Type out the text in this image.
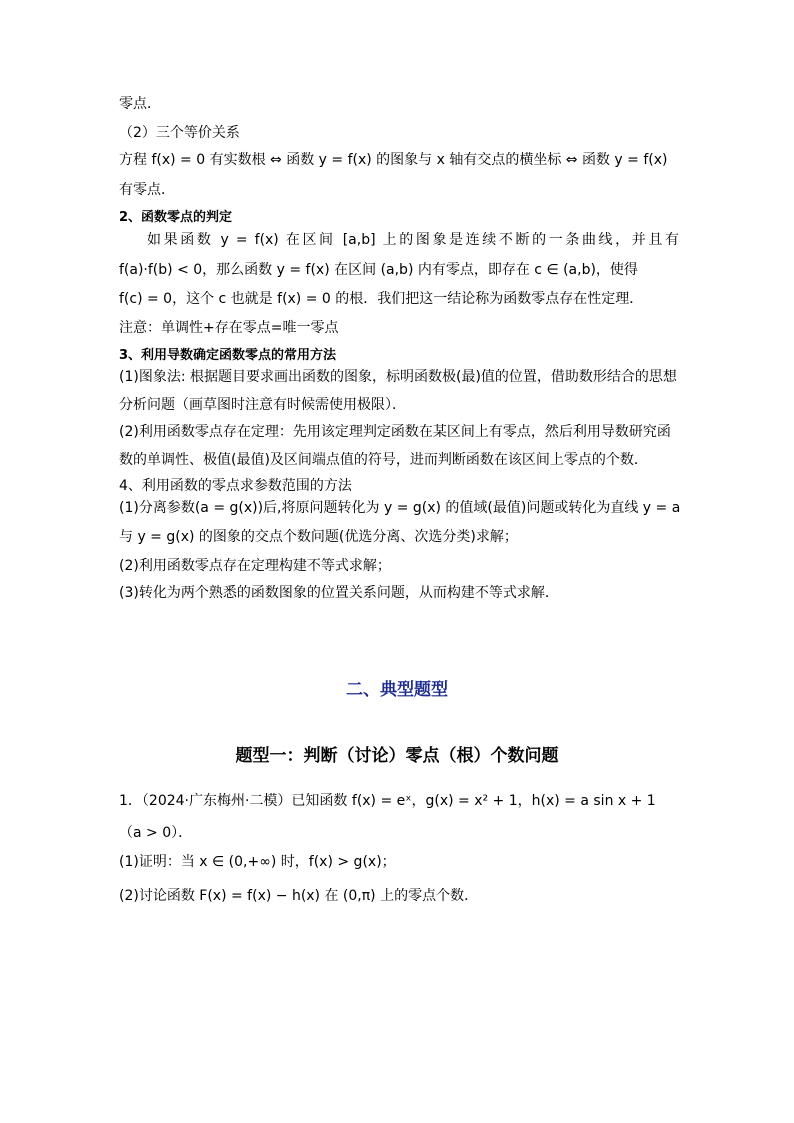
零点．
（2）三个等价关系
方程 f(x) = 0 有实数根 ⇔ 函数 y = f(x) 的图象与 x 轴有交点的横坐标 ⇔ 函数 y = f(x)
有零点．
2、函数零点的判定
如果函数 y = f(x) 在区间 [a,b] 上的图象是连续不断的一条曲线，并且有
f(a)·f(b) < 0，那么函数 y = f(x) 在区间 (a,b) 内有零点，即存在 c ∈ (a,b)，使得
f(c) = 0，这个 c 也就是 f(x) = 0 的根．我们把这一结论称为函数零点存在性定理．
注意：单调性+存在零点=唯一零点
3、利用导数确定函数零点的常用方法
(1)图象法: 根据题目要求画出函数的图象，标明函数极(最)值的位置，借助数形结合的思想
分析问题（画草图时注意有时候需使用极限）．
(2)利用函数零点存在定理：先用该定理判定函数在某区间上有零点，然后利用导数研究函
数的单调性、极值(最值)及区间端点值的符号，进而判断函数在该区间上零点的个数．
4、利用函数的零点求参数范围的方法
(1)分离参数(a = g(x))后,将原问题转化为 y = g(x) 的值域(最值)问题或转化为直线 y = a
与 y = g(x) 的图象的交点个数问题(优选分离、次选分类)求解；
(2)利用函数零点存在定理构建不等式求解；
(3)转化为两个熟悉的函数图象的位置关系问题，从而构建不等式求解．
二、典型题型
题型一：判断（讨论）零点（根）个数问题
1．（2024·广东梅州·二模）已知函数 f(x) = eˣ，g(x) = x² + 1，h(x) = a sin x + 1
（a > 0）．
(1)证明：当 x ∈ (0,+∞) 时，f(x) > g(x)；
(2)讨论函数 F(x) = f(x) − h(x) 在 (0,π) 上的零点个数．
